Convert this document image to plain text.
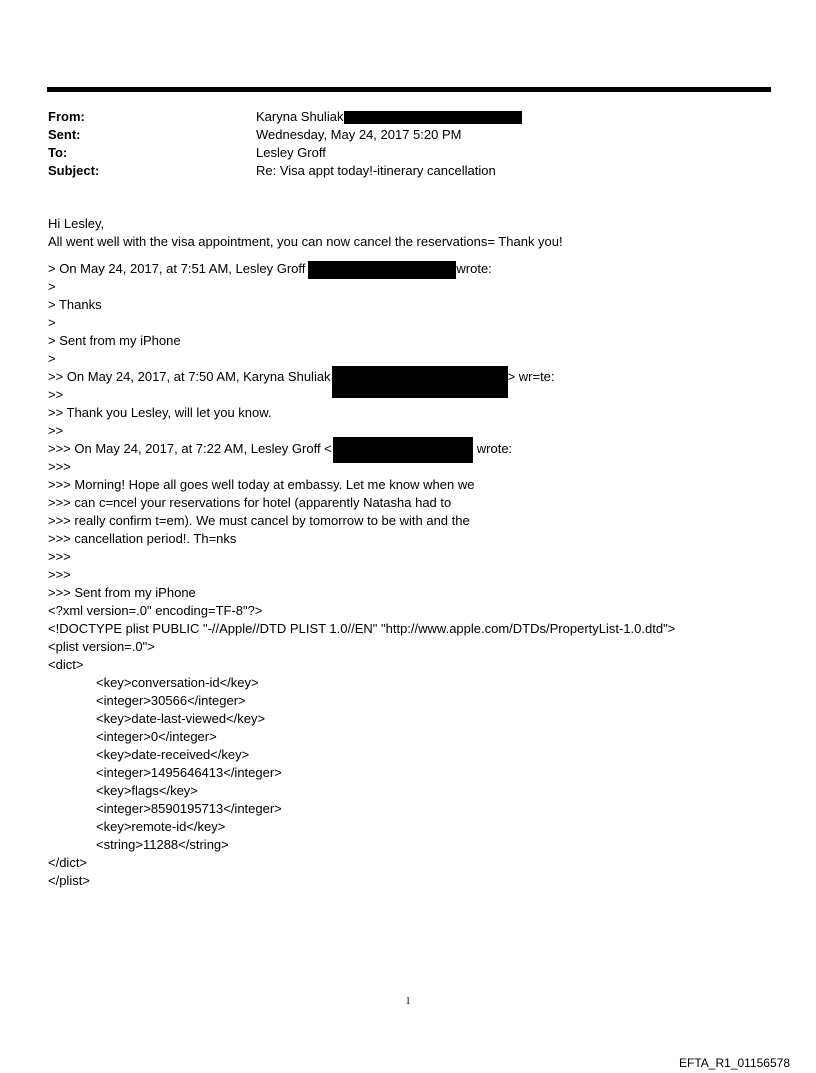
From:	Karyna Shuliak
Sent:	Wednesday, May 24, 2017 5:20 PM
To:	Lesley Groff
Subject:	Re: Visa appt today!-itinerary cancellation
Hi Lesley,
All went well with the visa appointment, you can now cancel the reservations= Thank you!
> On May 24, 2017, at 7:51 AM, Lesley Groff	wrote:
>
> Thanks
>
> Sent from my iPhone
>
>> On May 24, 2017, at 7:50 AM, Karyna Shuliak	> wr=te:
>>
>> Thank you Lesley, will let you know.
>>
>>> On May 24, 2017, at 7:22 AM, Lesley Groff <	wrote:
>>>
>>> Morning! Hope all goes well today at embassy. Let me know when we
>>> can c=ncel your reservations for hotel (apparently Natasha had to
>>> really confirm t=em). We must cancel by tomorrow to be with and the
>>> cancellation period!. Th=nks
>>>
>>>
>>> Sent from my iPhone
<?xml version=.0" encoding=TF-8"?>
<!DOCTYPE plist PUBLIC "-//Apple//DTD PLIST 1.0//EN" "http://www.apple.com/DTDs/PropertyList-1.0.dtd">
<plist version=.0">
<dict>
<key>conversation-id</key>
<integer>30566</integer>
<key>date-last-viewed</key>
<integer>0</integer>
<key>date-received</key>
<integer>1495646413</integer>
<key>flags</key>
<integer>8590195713</integer>
<key>remote-id</key>
<string>11288</string>
</dict>
</plist>
1
EFTA_R1_01156578
